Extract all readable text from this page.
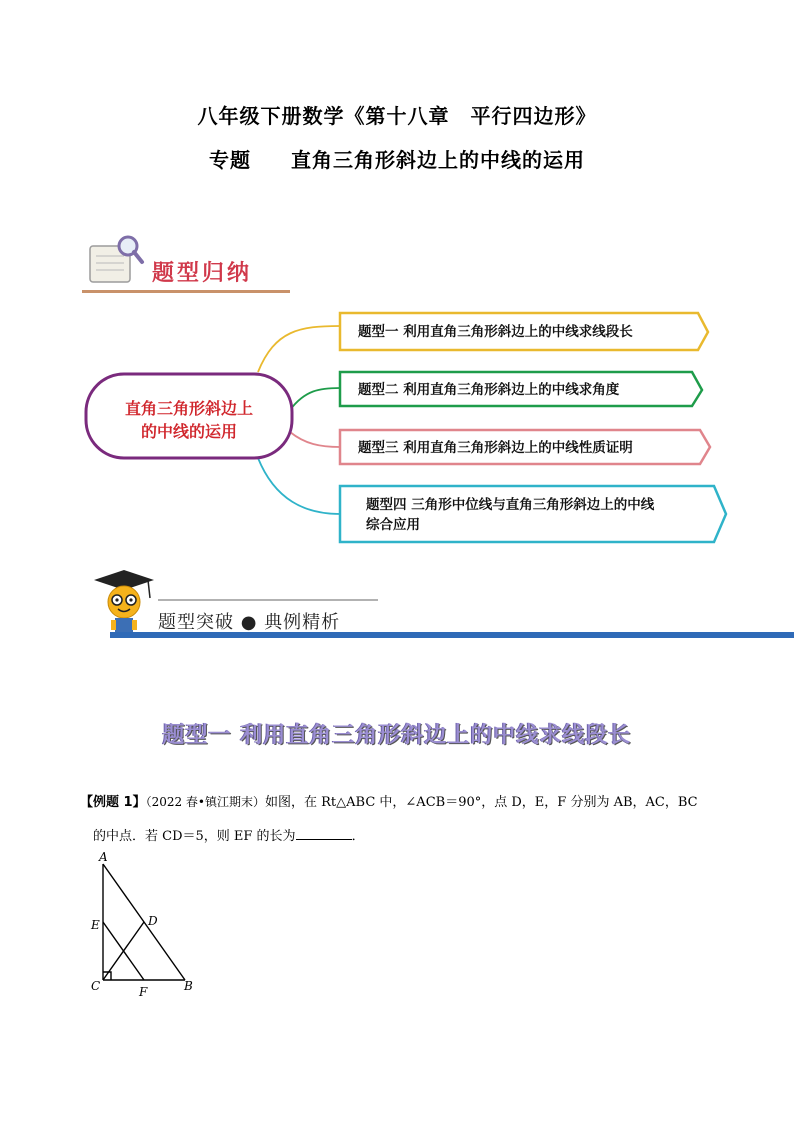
八年级下册数学《第十八章　平行四边形》
专题 直角三角形斜边上的中线的运用
题型归纳
直角三角形斜边上
的中线的运用
题型一 利用直角三角形斜边上的中线求线段长
题型二 利用直角三角形斜边上的中线求角度
题型三 利用直角三角形斜边上的中线性质证明
题型四 三角形中位线与直角三角形斜边上的中线
综合应用
题型突破 ● 典例精析
题型一 利用直角三角形斜边上的中线求线段长
【例题 1】（2022 春•镇江期末）如图，在 Rt△ABC 中，∠ACB＝90°，点 D，E，F 分别为 AB，AC，BC
的中点．若 CD＝5，则 EF 的长为	．
A
E	D
C	F	B
